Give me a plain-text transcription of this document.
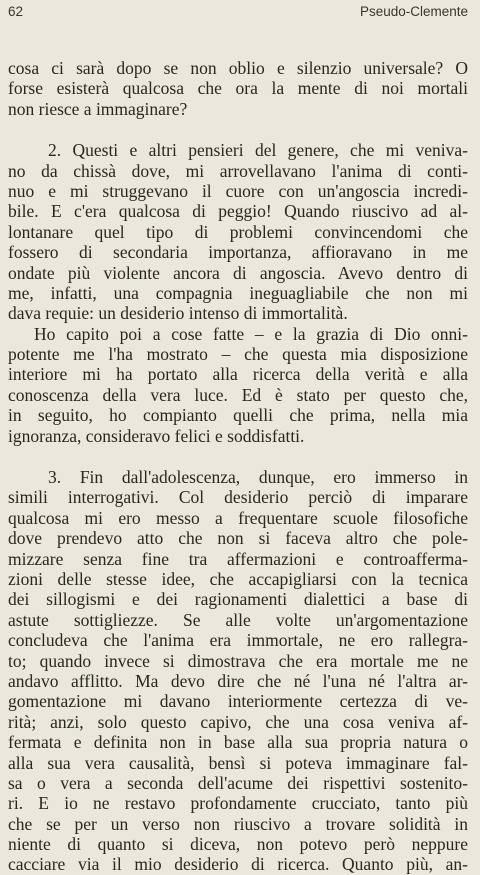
62	Pseudo-Clemente
cosa ci sarà dopo se non oblio e silenzio universale? O
forse esisterà qualcosa che ora la mente di noi mortali
non riesce a immaginare?
2. Questi e altri pensieri del genere, che mi veniva-
no da chissà dove, mi arrovellavano l'anima di conti-
nuo e mi struggevano il cuore con un'angoscia incredi-
bile. E c'era qualcosa di peggio! Quando riuscivo ad al-
lontanare quel tipo di problemi convincendomi che
fossero di secondaria importanza, affioravano in me
ondate più violente ancora di angoscia. Avevo dentro di
me, infatti, una compagnia ineguagliabile che non mi
dava requie: un desiderio intenso di immortalità.
Ho capito poi a cose fatte – e la grazia di Dio onni-
potente me l'ha mostrato – che questa mia disposizione
interiore mi ha portato alla ricerca della verità e alla
conoscenza della vera luce. Ed è stato per questo che,
in seguito, ho compianto quelli che prima, nella mia
ignoranza, consideravo felici e soddisfatti.
3. Fin dall'adolescenza, dunque, ero immerso in
simili interrogativi. Col desiderio perciò di imparare
qualcosa mi ero messo a frequentare scuole filosofiche
dove prendevo atto che non si faceva altro che pole-
mizzare senza fine tra affermazioni e controafferma-
zioni delle stesse idee, che accapigliarsi con la tecnica
dei sillogismi e dei ragionamenti dialettici a base di
astute sottigliezze. Se alle volte un'argomentazione
concludeva che l'anima era immortale, ne ero rallegra-
to; quando invece si dimostrava che era mortale me ne
andavo afflitto. Ma devo dire che né l'una né l'altra ar-
gomentazione mi davano interiormente certezza di ve-
rità; anzi, solo questo capivo, che una cosa veniva af-
fermata e definita non in base alla sua propria natura o
alla sua vera causalità, bensì si poteva immaginare fal-
sa o vera a seconda dell'acume dei rispettivi sostenito-
ri. E io ne restavo profondamente crucciato, tanto più
che se per un verso non riuscivo a trovare solidità in
niente di quanto si diceva, non potevo però neppure
cacciare via il mio desiderio di ricerca. Quanto più, an-
